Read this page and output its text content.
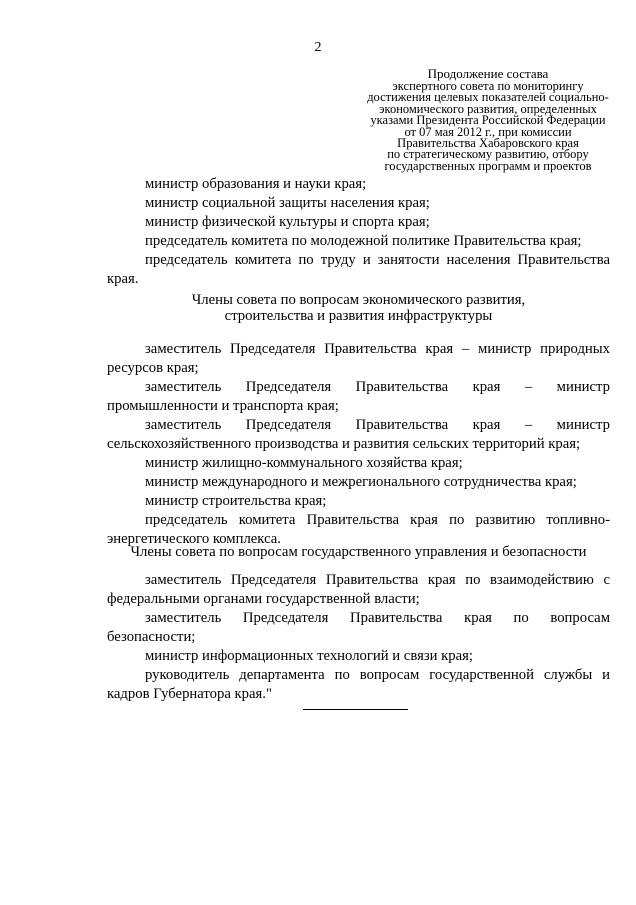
2
Продолжение состава
экспертного совета по мониторингу
достижения целевых показателей социально-
экономического развития, определенных
указами Президента Российской Федерации
от 07 мая 2012 г., при комиссии
Правительства Хабаровского края
по стратегическому развитию, отбору
государственных программ и проектов

министр образования и науки края;

министр социальной защиты населения края;

министр физической культуры и спорта края;

председатель комитета по молодежной политике Правительства края;

председатель комитета по труду и занятости населения Правительства края.

Члены совета по вопросам экономического развития,

строительства и развития инфраструктуры

заместитель Председателя Правительства края – министр природных ресурсов края;

заместитель Председателя Правительства края – министр промышленности и транспорта края;

заместитель Председателя Правительства края – министр сельскохозяйственного производства и развития сельских территорий края;

министр жилищно-коммунального хозяйства края;

министр международного и межрегионального сотрудничества края;

министр строительства края;

председатель комитета Правительства края по развитию топливно-энергетического комплекса.

Члены совета по вопросам государственного управления и безопасности

заместитель Председателя Правительства края по взаимодействию с федеральными органами государственной власти;

заместитель Председателя Правительства края по вопросам безопасности;

министр информационных технологий и связи края;

руководитель департамента по вопросам государственной службы и кадров Губернатора края."
